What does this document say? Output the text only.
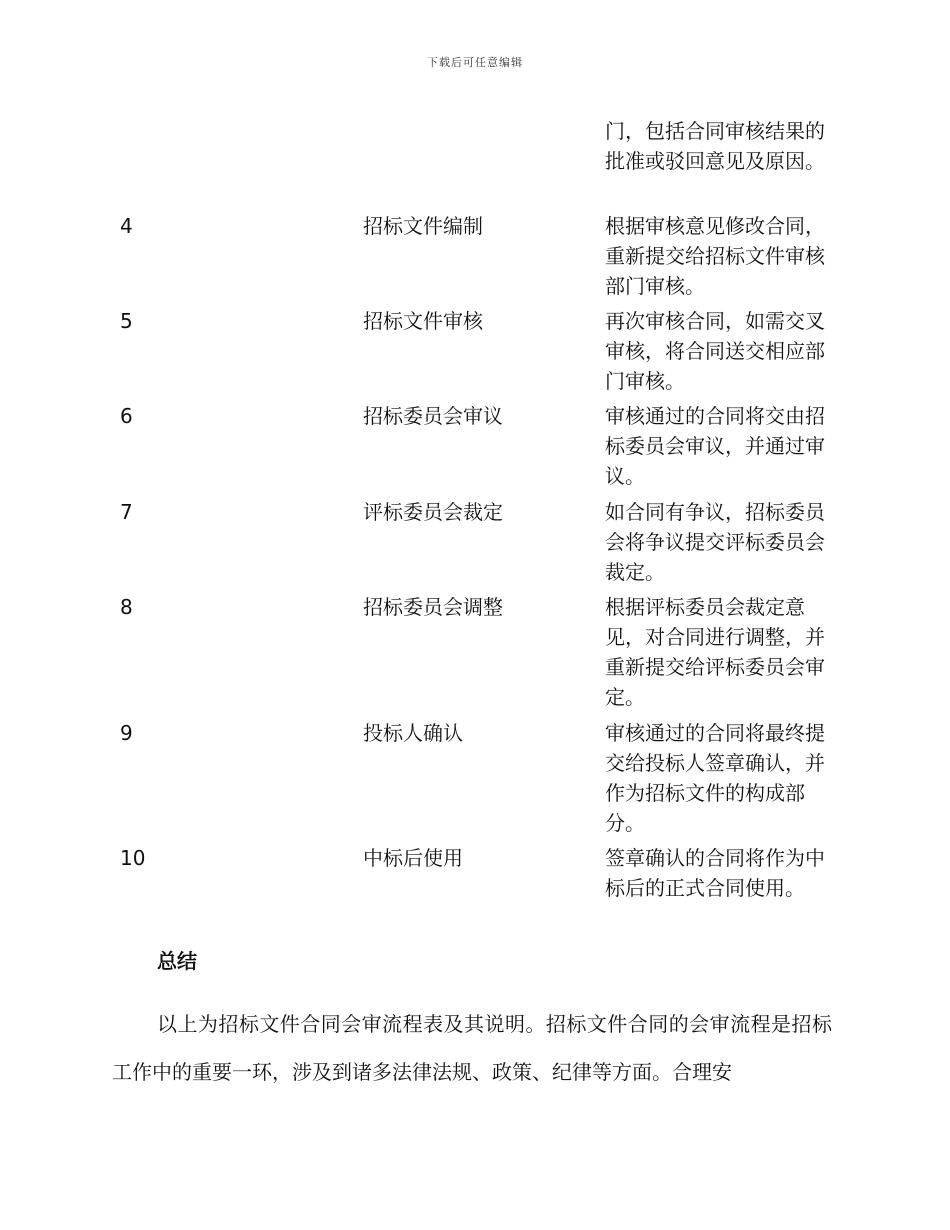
下载后可任意编辑
门，包括合同审核结果的批准或驳回意见及原因。
4	招标文件编制	根据审核意见修改合同，重新提交给招标文件审核部门审核。
5	招标文件审核	再次审核合同，如需交叉审核，将合同送交相应部门审核。
6	招标委员会审议	审核通过的合同将交由招标委员会审议，并通过审议。
7	评标委员会裁定	如合同有争议，招标委员会将争议提交评标委员会裁定。
8	招标委员会调整	根据评标委员会裁定意见，对合同进行调整，并重新提交给评标委员会审定。
9	投标人确认	审核通过的合同将最终提交给投标人签章确认，并作为招标文件的构成部分。
10	中标后使用	签章确认的合同将作为中标后的正式合同使用。
总结
以上为招标文件合同会审流程表及其说明。招标文件合同的会审流程是招标工作中的重要一环，涉及到诸多法律法规、政策、纪律等方面。合理安
